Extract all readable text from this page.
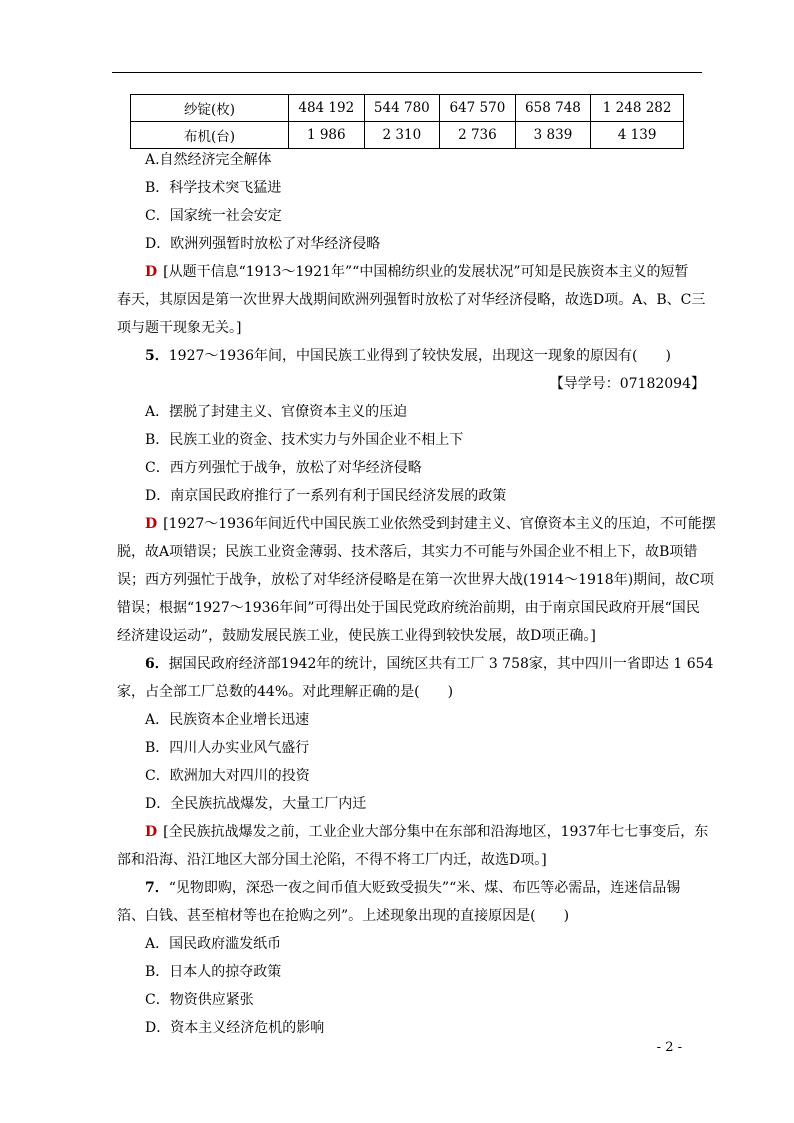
纱锭(枚)	484 192	544 780	647 570	658 748	1 248 282
布机(台)	1 986	2 310	2 736	3 839	4 139
A.自然经济完全解体
B．科学技术突飞猛进
C．国家统一社会安定
D．欧洲列强暂时放松了对华经济侵略
D [从题干信息“1913～1921年”“中国棉纺织业的发展状况”可知是民族资本主义的短暂
春天，其原因是第一次世界大战期间欧洲列强暂时放松了对华经济侵略，故选D项。A、B、C三
项与题干现象无关。]
5．1927～1936年间，中国民族工业得到了较快发展，出现这一现象的原因有(　　)
【导学号：07182094】
A．摆脱了封建主义、官僚资本主义的压迫
B．民族工业的资金、技术实力与外国企业不相上下
C．西方列强忙于战争，放松了对华经济侵略
D．南京国民政府推行了一系列有利于国民经济发展的政策
D [1927～1936年间近代中国民族工业依然受到封建主义、官僚资本主义的压迫，不可能摆
脱，故A项错误；民族工业资金薄弱、技术落后，其实力不可能与外国企业不相上下，故B项错
误；西方列强忙于战争，放松了对华经济侵略是在第一次世界大战(1914～1918年)期间，故C项
错误；根据“1927～1936年间”可得出处于国民党政府统治前期，由于南京国民政府开展“国民
经济建设运动”，鼓励发展民族工业，使民族工业得到较快发展，故D项正确。]
6．据国民政府经济部1942年的统计，国统区共有工厂 3 758家，其中四川一省即达 1 654
家，占全部工厂总数的44%。对此理解正确的是(　　)
A．民族资本企业增长迅速
B．四川人办实业风气盛行
C．欧洲加大对四川的投资
D．全民族抗战爆发，大量工厂内迁
D [全民族抗战爆发之前，工业企业大部分集中在东部和沿海地区，1937年七七事变后，东
部和沿海、沿江地区大部分国土沦陷，不得不将工厂内迁，故选D项。]
7．“见物即购，深恐一夜之间币值大贬致受损失”“米、煤、布匹等必需品，连迷信品锡
箔、白钱、甚至棺材等也在抢购之列”。上述现象出现的直接原因是(　　)
A．国民政府滥发纸币
B．日本人的掠夺政策
C．物资供应紧张
D．资本主义经济危机的影响
- 2 -
